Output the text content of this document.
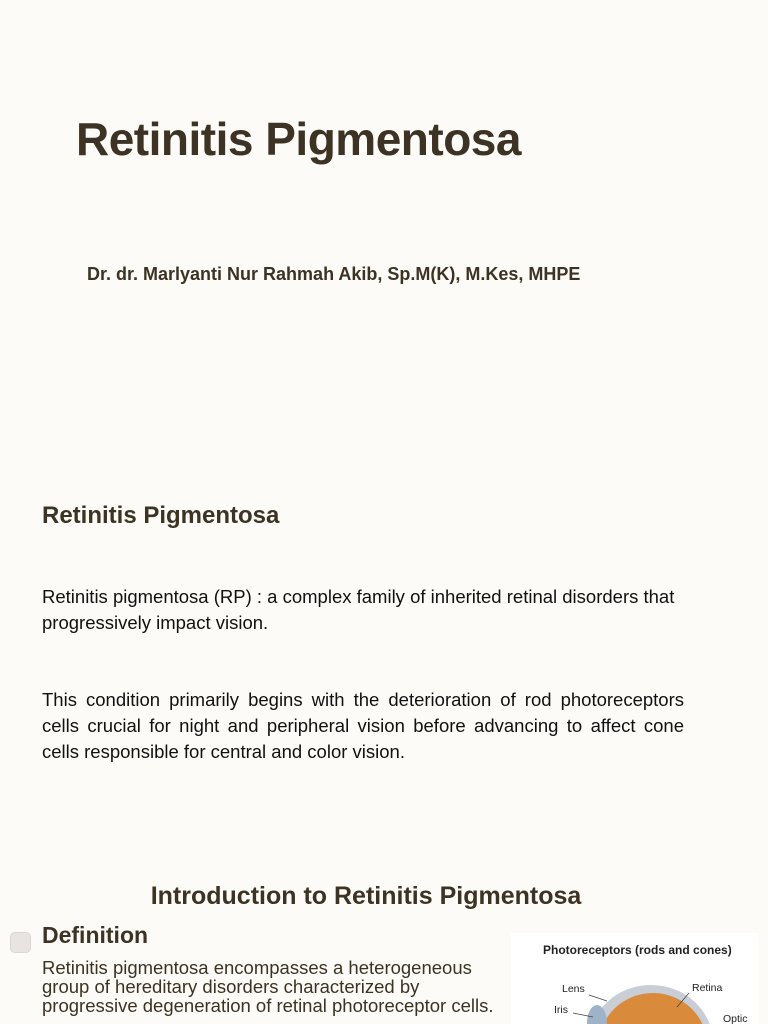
Retinitis Pigmentosa
Dr. dr. Marlyanti Nur Rahmah Akib, Sp.M(K), M.Kes, MHPE
Retinitis Pigmentosa

Retinitis pigmentosa (RP) : a complex family of inherited retinal disorders that progressively impact vision.

This condition primarily begins with the deterioration of rod photoreceptors cells crucial for night and peripheral vision before advancing to affect cone cells responsible for central and color vision.

Introduction to Retinitis Pigmentosa
Definition

Retinitis pigmentosa encompasses a heterogeneous group of hereditary disorders characterized by progressive degeneration of retinal photoreceptor cells.

Photoreceptors (rods and cones)
Lens
Iris
Retina
Optic
